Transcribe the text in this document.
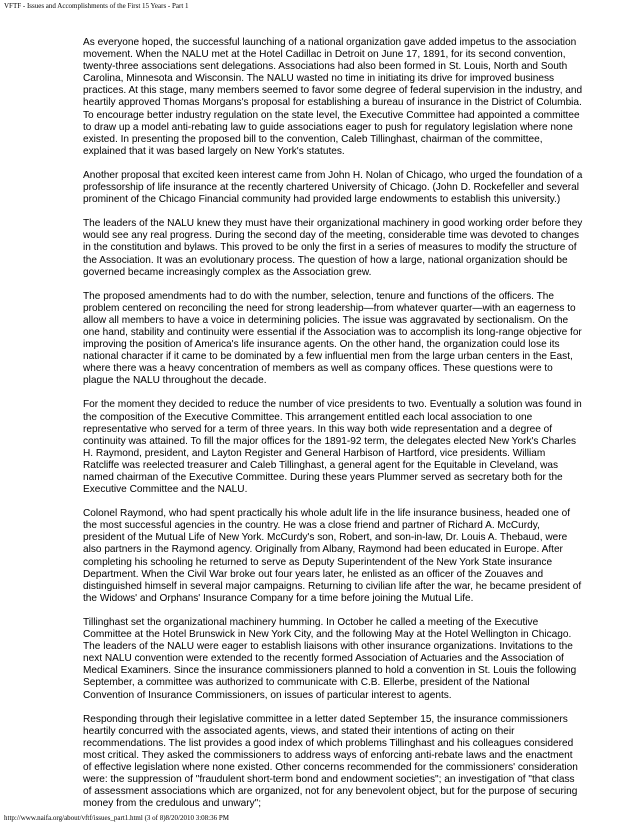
VFTF - Issues and Accomplishments of the First 15 Years - Part 1

As everyone hoped, the successful launching of a national organization gave added impetus to the association movement. When the NALU met at the Hotel Cadillac in Detroit on June 17, 1891, for its second convention, twenty-three associations sent delegations. Associations had also been formed in St. Louis, North and South Carolina, Minnesota and Wisconsin. The NALU wasted no time in initiating its drive for improved business practices. At this stage, many members seemed to favor some degree of federal supervision in the industry, and heartily approved Thomas Morgans's proposal for establishing a bureau of insurance in the District of Columbia. To encourage better industry regulation on the state level, the Executive Committee had appointed a committee to draw up a model anti-rebating law to guide associations eager to push for regulatory legislation where none existed. In presenting the proposed bill to the convention, Caleb Tillinghast, chairman of the committee, explained that it was based largely on New York's statutes.

Another proposal that excited keen interest came from John H. Nolan of Chicago, who urged the foundation of a professorship of life insurance at the recently chartered University of Chicago. (John D. Rockefeller and several prominent of the Chicago Financial community had provided large endowments to establish this university.)

The leaders of the NALU knew they must have their organizational machinery in good working order before they would see any real progress. During the second day of the meeting, considerable time was devoted to changes in the constitution and bylaws. This proved to be only the first in a series of measures to modify the structure of the Association. It was an evolutionary process. The question of how a large, national organization should be governed became increasingly complex as the Association grew.

The proposed amendments had to do with the number, selection, tenure and functions of the officers. The problem centered on reconciling the need for strong leadership—from whatever quarter—with an eagerness to allow all members to have a voice in determining policies. The issue was aggravated by sectionalism. On the one hand, stability and continuity were essential if the Association was to accomplish its long-range objective for improving the position of America's life insurance agents. On the other hand, the organization could lose its national character if it came to be dominated by a few influential men from the large urban centers in the East, where there was a heavy concentration of members as well as company offices. These questions were to plague the NALU throughout the decade.

For the moment they decided to reduce the number of vice presidents to two. Eventually a solution was found in the composition of the Executive Committee. This arrangement entitled each local association to one representative who served for a term of three years. In this way both wide representation and a degree of continuity was attained. To fill the major offices for the 1891-92 term, the delegates elected New York's Charles H. Raymond, president, and Layton Register and General Harbison of Hartford, vice presidents. William Ratcliffe was reelected treasurer and Caleb Tillinghast, a general agent for the Equitable in Cleveland, was named chairman of the Executive Committee. During these years Plummer served as secretary both for the Executive Committee and the NALU.

Colonel Raymond, who had spent practically his whole adult life in the life insurance business, headed one of the most successful agencies in the country. He was a close friend and partner of Richard A. McCurdy, president of the Mutual Life of New York. McCurdy's son, Robert, and son-in-law, Dr. Louis A. Thebaud, were also partners in the Raymond agency. Originally from Albany, Raymond had been educated in Europe. After completing his schooling he returned to serve as Deputy Superintendent of the New York State insurance Department. When the Civil War broke out four years later, he enlisted as an officer of the Zouaves and distinguished himself in several major campaigns. Returning to civilian life after the war, he became president of the Widows' and Orphans' Insurance Company for a time before joining the Mutual Life.

Tillinghast set the organizational machinery humming. In October he called a meeting of the Executive Committee at the Hotel Brunswick in New York City, and the following May at the Hotel Wellington in Chicago. The leaders of the NALU were eager to establish liaisons with other insurance organizations. Invitations to the next NALU convention were extended to the recently formed Association of Actuaries and the Association of Medical Examiners. Since the insurance commissioners planned to hold a convention in St. Louis the following September, a committee was authorized to communicate with C.B. Ellerbe, president of the National Convention of Insurance Commissioners, on issues of particular interest to agents.

Responding through their legislative committee in a letter dated September 15, the insurance commissioners heartily concurred with the associated agents, views, and stated their intentions of acting on their recommendations. The list provides a good index of which problems Tillinghast and his colleagues considered most critical. They asked the commissioners to address ways of enforcing anti-rebate laws and the enactment of effective legislation where none existed. Other concerns recommended for the commissioners' consideration were: the suppression of "fraudulent short-term bond and endowment societies"; an investigation of "that class of assessment associations which are organized, not for any benevolent object, but for the purpose of securing money from the credulous and unwary";

http://www.naifa.org/about/vftf/issues_part1.html (3 of 8)8/20/2010 3:08:36 PM
